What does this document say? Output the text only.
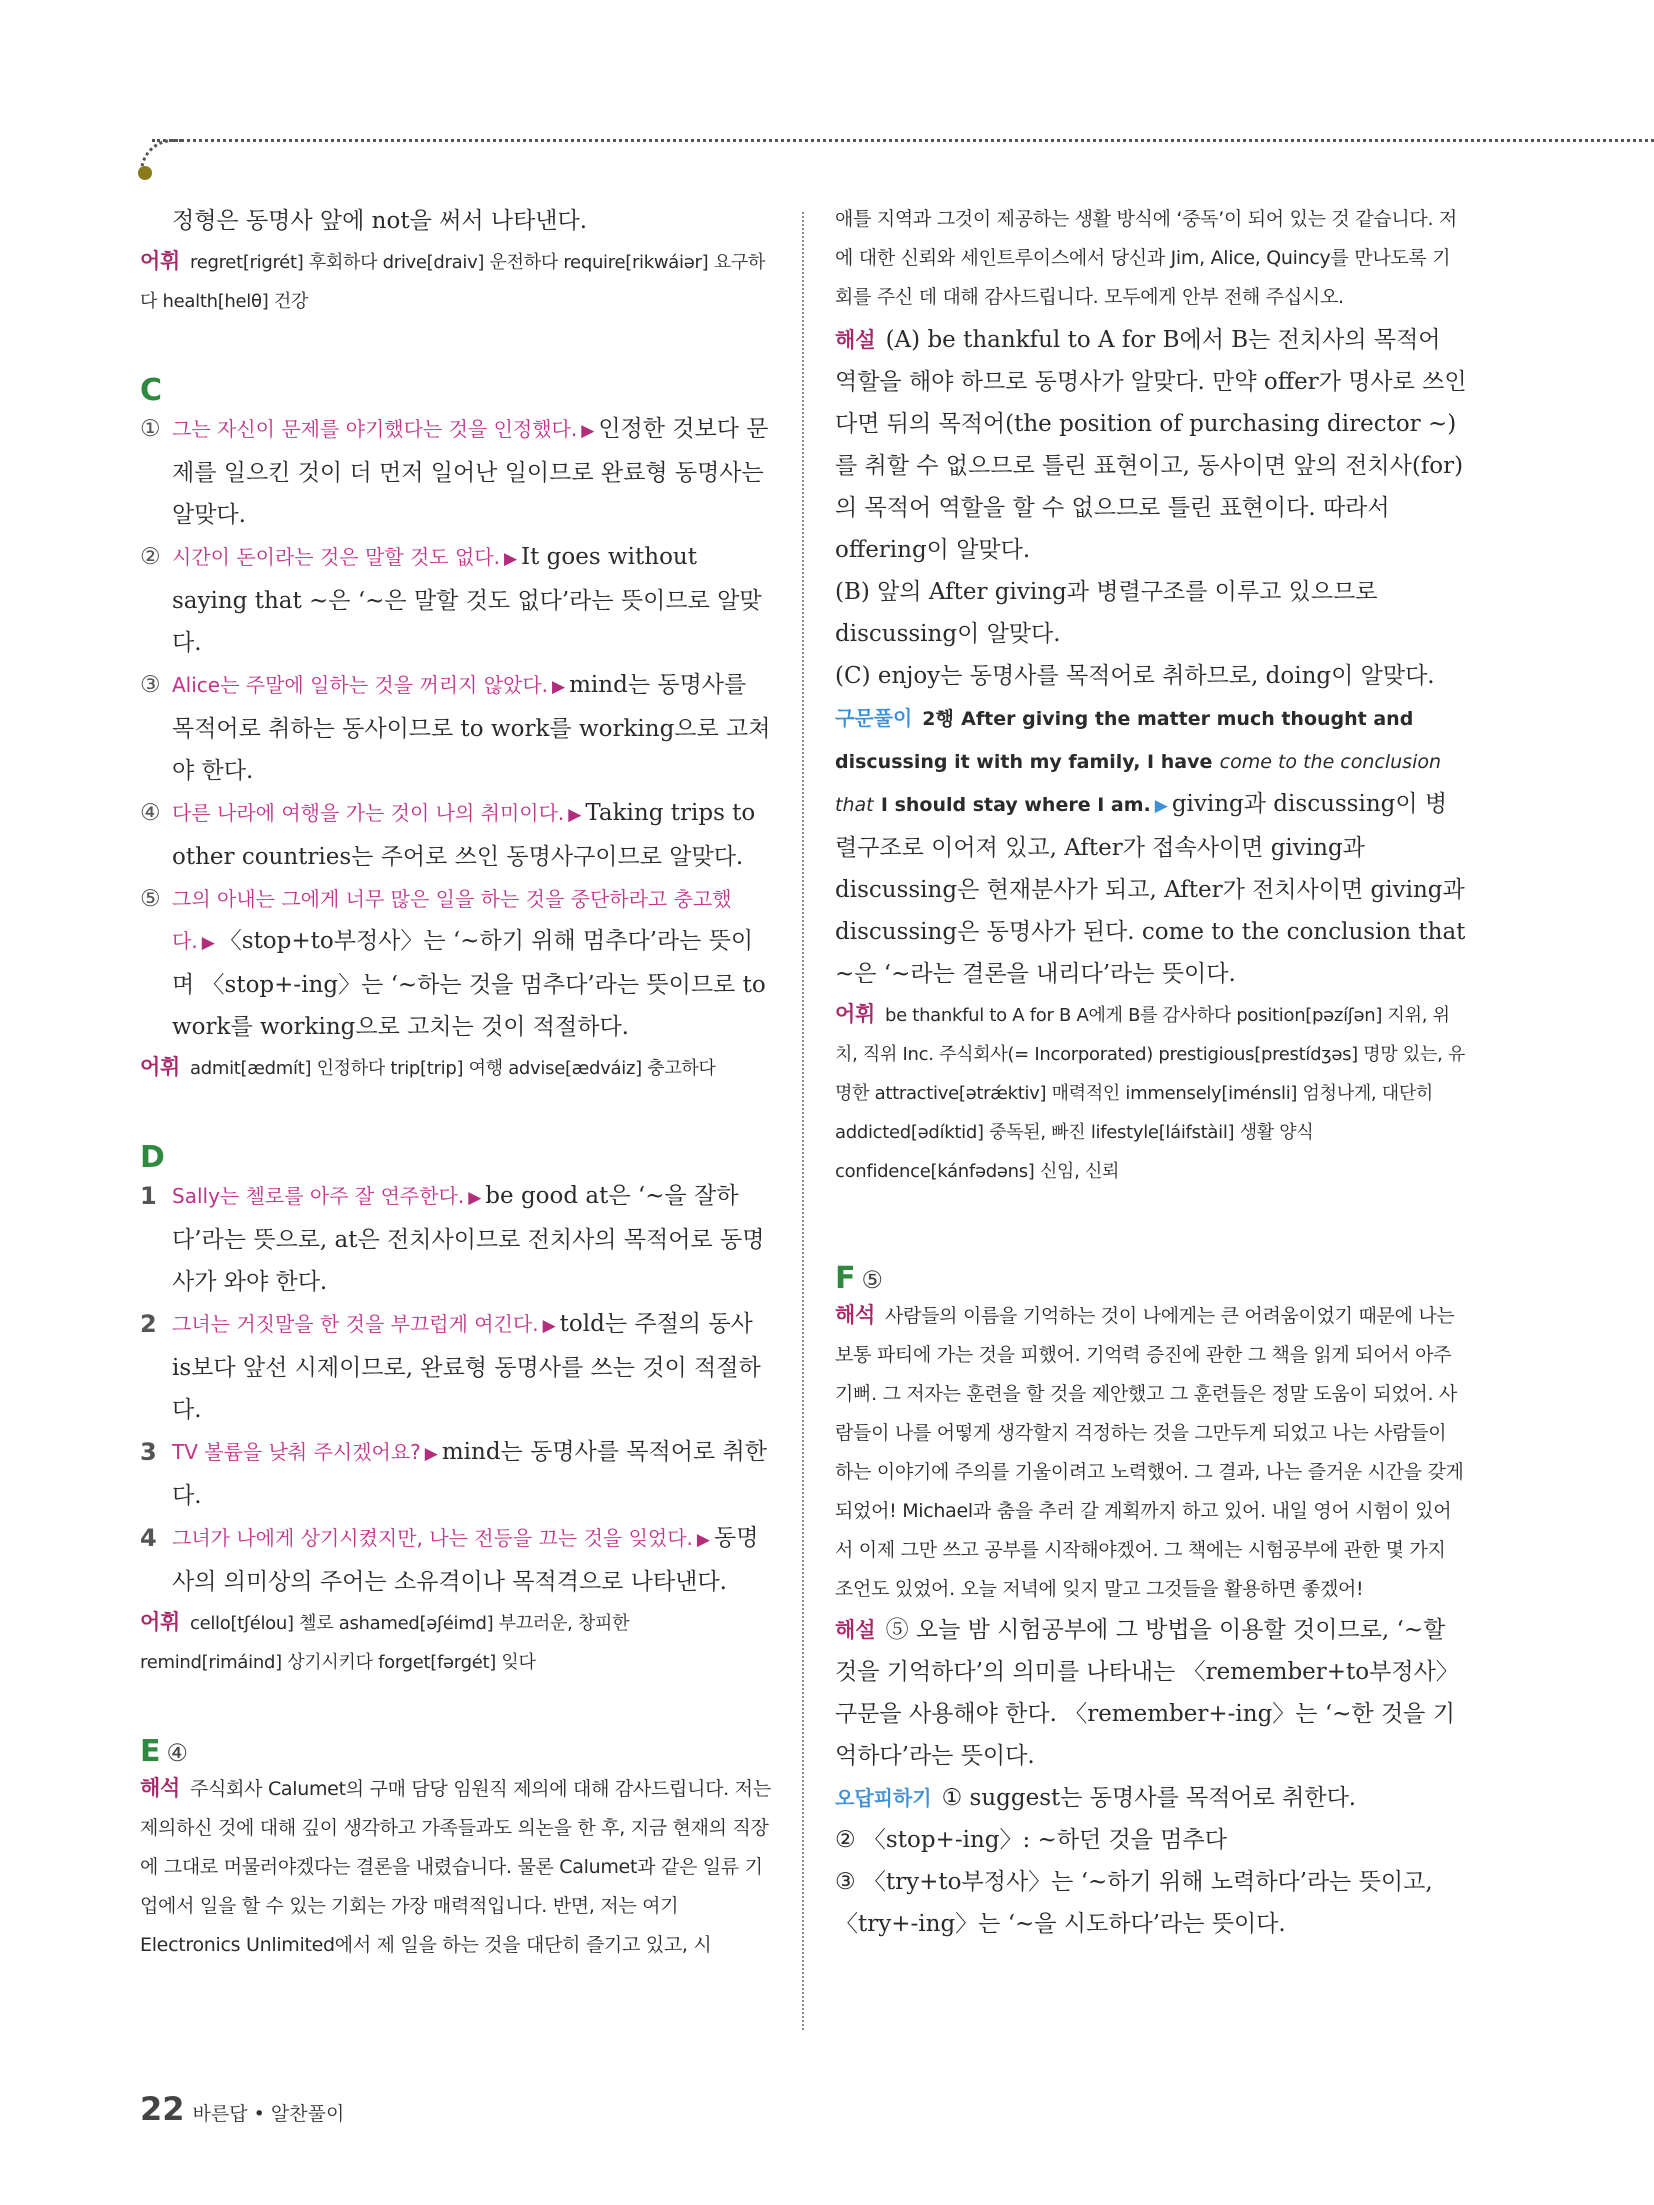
정형은 동명사 앞에 not을 써서 나타낸다.

어휘 regret[rigrét] 후회하다 drive[draiv] 운전하다 require[rikwáiər] 요구하다 health[helθ] 건강

C

① 그는 자신이 문제를 야기했다는 것을 인정했다. ▶ 인정한 것보다 문제를 일으킨 것이 더 먼저 일어난 일이므로 완료형 동명사는 알맞다.

② 시간이 돈이라는 것은 말할 것도 없다. ▶ It goes without saying that ~은 ‘~은 말할 것도 없다’라는 뜻이므로 알맞다.

③ Alice는 주말에 일하는 것을 꺼리지 않았다. ▶ mind는 동명사를 목적어로 취하는 동사이므로 to work를 working으로 고쳐야 한다.

④ 다른 나라에 여행을 가는 것이 나의 취미이다. ▶ Taking trips to other countries는 주어로 쓰인 동명사구이므로 알맞다.

⑤ 그의 아내는 그에게 너무 많은 일을 하는 것을 중단하라고 충고했다. ▶ 〈stop+to부정사〉는 ‘~하기 위해 멈추다’라는 뜻이며 〈stop+-ing〉는 ‘~하는 것을 멈추다’라는 뜻이므로 to work를 working으로 고치는 것이 적절하다.

어휘 admit[ædmít] 인정하다 trip[trip] 여행 advise[ædváiz] 충고하다

D

1 Sally는 첼로를 아주 잘 연주한다. ▶ be good at은 ‘~을 잘하다’라는 뜻으로, at은 전치사이므로 전치사의 목적어로 동명사가 와야 한다.

2 그녀는 거짓말을 한 것을 부끄럽게 여긴다. ▶ told는 주절의 동사 is보다 앞선 시제이므로, 완료형 동명사를 쓰는 것이 적절하다.

3 TV 볼륨을 낮춰 주시겠어요? ▶ mind는 동명사를 목적어로 취한다.

4 그녀가 나에게 상기시켰지만, 나는 전등을 끄는 것을 잊었다. ▶ 동명사의 의미상의 주어는 소유격이나 목적격으로 나타낸다.

어휘 cello[tʃélou] 첼로 ashamed[əʃéimd] 부끄러운, 창피한 remind[rimáind] 상기시키다 forget[fərgét] 잊다

E ④

해석 주식회사 Calumet의 구매 담당 임원직 제의에 대해 감사드립니다. 저는 제의하신 것에 대해 깊이 생각하고 가족들과도 의논을 한 후, 지금 현재의 직장에 그대로 머물러야겠다는 결론을 내렸습니다. 물론 Calumet과 같은 일류 기업에서 일을 할 수 있는 기회는 가장 매력적입니다. 반면, 저는 여기 Electronics Unlimited에서 제 일을 하는 것을 대단히 즐기고 있고, 시

애틀 지역과 그것이 제공하는 생활 방식에 ‘중독’이 되어 있는 것 같습니다. 저에 대한 신뢰와 세인트루이스에서 당신과 Jim, Alice, Quincy를 만나도록 기회를 주신 데 대해 감사드립니다. 모두에게 안부 전해 주십시오.

해설 (A) be thankful to A for B에서 B는 전치사의 목적어 역할을 해야 하므로 동명사가 알맞다. 만약 offer가 명사로 쓰인다면 뒤의 목적어(the position of purchasing director ~)를 취할 수 없으므로 틀린 표현이고, 동사이면 앞의 전치사(for)의 목적어 역할을 할 수 없으므로 틀린 표현이다. 따라서 offering이 알맞다.

(B) 앞의 After giving과 병렬구조를 이루고 있으므로 discussing이 알맞다.

(C) enjoy는 동명사를 목적어로 취하므로, doing이 알맞다.

구문풀이 2행 After giving the matter much thought and discussing it with my family, I have come to the conclusion that I should stay where I am. ▶ giving과 discussing이 병렬구조로 이어져 있고, After가 접속사이면 giving과 discussing은 현재분사가 되고, After가 전치사이면 giving과 discussing은 동명사가 된다. come to the conclusion that ~은 ‘~라는 결론을 내리다’라는 뜻이다.

어휘 be thankful to A for B A에게 B를 감사하다 position[pəzíʃən] 지위, 위치, 직위 Inc. 주식회사(= Incorporated) prestigious[prestídʒəs] 명망 있는, 유명한 attractive[ətrǽktiv] 매력적인 immensely[iménsli] 엄청나게, 대단히 addicted[ədíktid] 중독된, 빠진 lifestyle[láifstàil] 생활 양식 confidence[kánfədəns] 신임, 신뢰

F ⑤

해석 사람들의 이름을 기억하는 것이 나에게는 큰 어려움이었기 때문에 나는 보통 파티에 가는 것을 피했어. 기억력 증진에 관한 그 책을 읽게 되어서 아주 기뻐. 그 저자는 훈련을 할 것을 제안했고 그 훈련들은 정말 도움이 되었어. 사람들이 나를 어떻게 생각할지 걱정하는 것을 그만두게 되었고 나는 사람들이 하는 이야기에 주의를 기울이려고 노력했어. 그 결과, 나는 즐거운 시간을 갖게 되었어! Michael과 춤을 추러 갈 계획까지 하고 있어. 내일 영어 시험이 있어서 이제 그만 쓰고 공부를 시작해야겠어. 그 책에는 시험공부에 관한 몇 가지 조언도 있었어. 오늘 저녁에 잊지 말고 그것들을 활용하면 좋겠어!

해설 ⑤ 오늘 밤 시험공부에 그 방법을 이용할 것이므로, ‘~할 것을 기억하다’의 의미를 나타내는 〈remember+to부정사〉 구문을 사용해야 한다. 〈remember+-ing〉는 ‘~한 것을 기억하다’라는 뜻이다.

오답피하기 ① suggest는 동명사를 목적어로 취한다.

② 〈stop+-ing〉: ~하던 것을 멈추다

③ 〈try+to부정사〉는 ‘~하기 위해 노력하다’라는 뜻이고, 〈try+-ing〉는 ‘~을 시도하다’라는 뜻이다.

22 바른답 • 알찬풀이
